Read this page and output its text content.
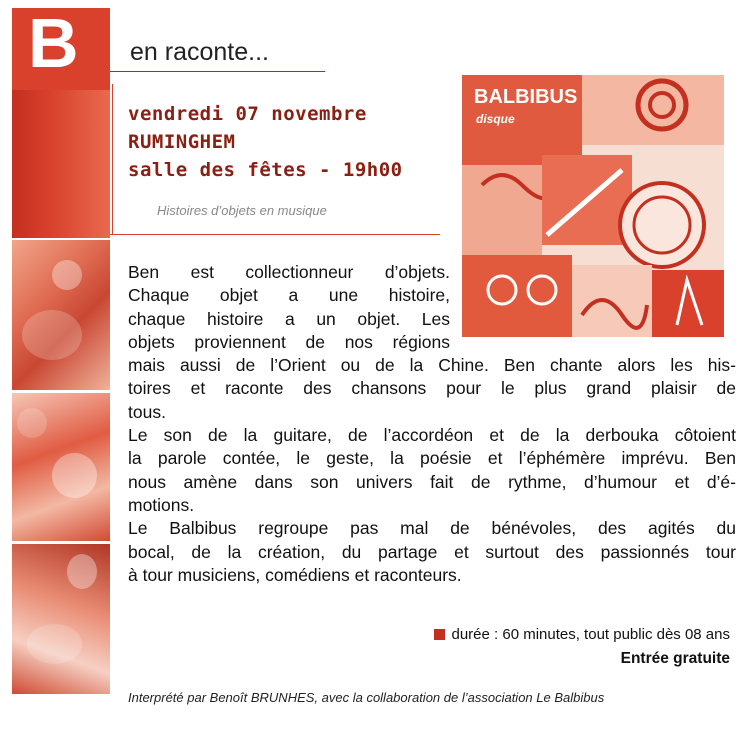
B	en raconte...
vendredi 07 novembre
RUMINGHEM
salle des fêtes - 19h00
Histoires d’objets en musique
BALBIBUS
disque
Ben est collectionneur d’objets.
Chaque objet a une histoire,
chaque histoire a un objet. Les
objets proviennent de nos régions
mais aussi de l’Orient ou de la Chine. Ben chante alors les his-
toires et raconte des chansons pour le plus grand plaisir de
tous.
Le son de la guitare, de l’accordéon et de la derbouka côtoient
la parole contée, le geste, la poésie et l’éphémère imprévu. Ben
nous amène dans son univers fait de rythme, d’humour et d’é-
motions.
Le Balbibus regroupe pas mal de bénévoles, des agités du
bocal, de la création, du partage et surtout des passionnés tour
à tour musiciens, comédiens et raconteurs.
durée : 60 minutes, tout public dès 08 ans
Entrée gratuite
Interprété par Benoît BRUNHES, avec la collaboration de l’association Le Balbibus
